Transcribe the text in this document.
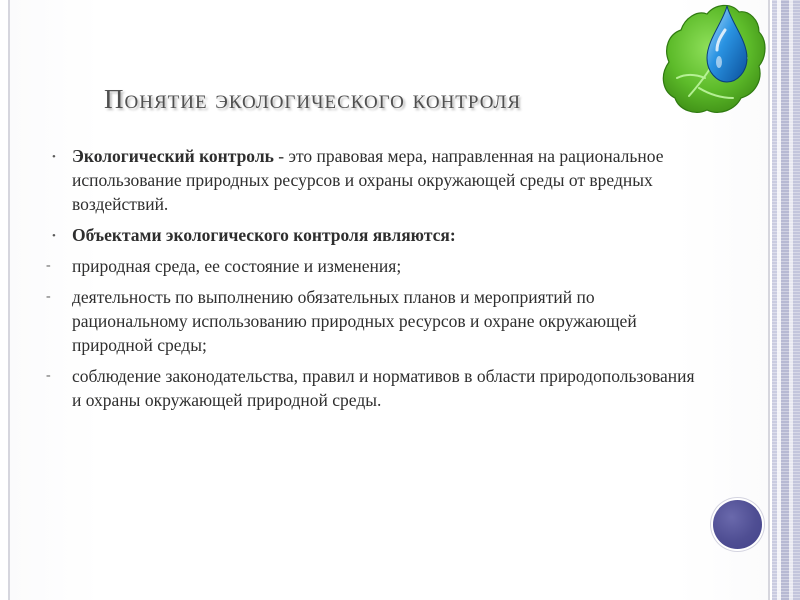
Понятие экологического контроля
• Экологический контроль - это правовая мера, направленная на рациональное использование природных ресурсов и охраны окружающей среды от вредных воздействий.
• Объектами экологического контроля являются:
-	природная среда, ее состояние и изменения;
-	деятельность по выполнению обязательных планов и мероприятий по рациональному использованию природных ресурсов и охране окружающей природной среды;
-	соблюдение законодательства, правил и нормативов в области природопользования и охраны окружающей природной среды.
